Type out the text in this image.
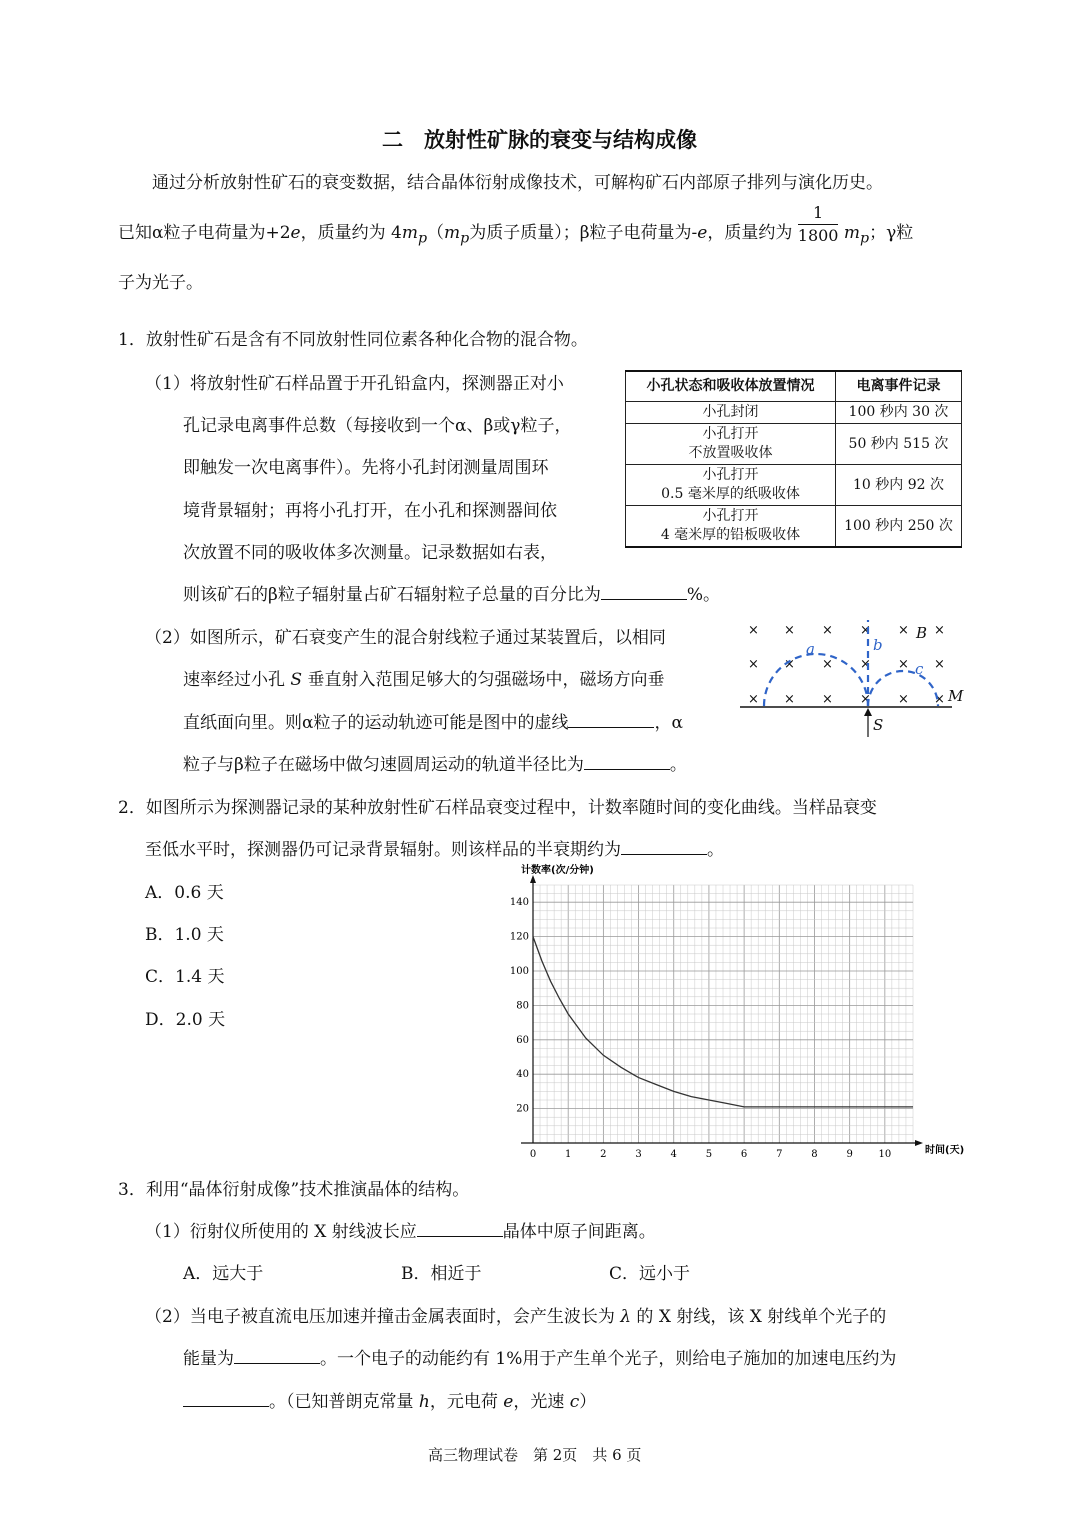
二　放射性矿脉的衰变与结构成像
通过分析放射性矿石的衰变数据，结合晶体衍射成像技术，可解构矿石内部原子排列与演化历史。
已知α粒子电荷量为+2e，质量约为 $4m_p(m_p$为质子质量）；β粒子电荷量为-e，质量约为 $\frac{1}{1800} m_p$；γ粒
子为光子。
1．放射性矿石是含有不同放射性同位素各种化合物的混合物。
（1）将放射性矿石样品置于开孔铅盒内，探测器正对小
孔记录电离事件总数（每接收到一个α、β或γ粒子，
即触发一次电离事件）。先将小孔封闭测量周围环
境背景辐射；再将小孔打开，在小孔和探测器间依
次放置不同的吸收体多次测量。记录数据如右表，
则该矿石的β粒子辐射量占矿石辐射粒子总量的百分比为	%。
小孔状态和吸收体放置情况	电离事件记录
小孔封闭	100 秒内 30 次
小孔打开
不放置吸收体	50 秒内 515 次
小孔打开
0.5 毫米厚的纸吸收体	10 秒内 92 次
小孔打开
4 毫米厚的铅板吸收体	100 秒内 250 次
（2）如图所示，矿石衰变产生的混合射线粒子通过某装置后，以相同
速率经过小孔 S 垂直射入范围足够大的匀强磁场中，磁场方向垂
直纸面向里。则α粒子的运动轨迹可能是图中的虚线	，α
粒子与β粒子在磁场中做匀速圆周运动的轨道半径比为	。
× × × × × ×
× × × × × ×
× × × × × ×
a	b
c
B
M
S
2．如图所示为探测器记录的某种放射性矿石样品衰变过程中，计数率随时间的变化曲线。当样品衰变
至低水平时，探测器仍可记录背景辐射。则该样品的半衰期约为	。
A．0.6 天
B．1.0 天
C．1.4 天
D．2.0 天
0	1	2	3	4	5	6	7	8	9	10
20
40
60
80
100
120
140
计数率(次/分钟)
时间(天)
3．利用“晶体衍射成像”技术推演晶体的结构。
（1）衍射仪所使用的 X 射线波长应	晶体中原子间距离。
A．远大于	B．相近于	C．远小于
（2）当电子被直流电压加速并撞击金属表面时，会产生波长为 λ 的 X 射线，该 X 射线单个光子的
能量为	。一个电子的动能约有 1%用于产生单个光子，则给电子施加的加速电压约为
。（已知普朗克常量 h，元电荷 e，光速 c）
高三物理试卷　第 2页　共 6 页
